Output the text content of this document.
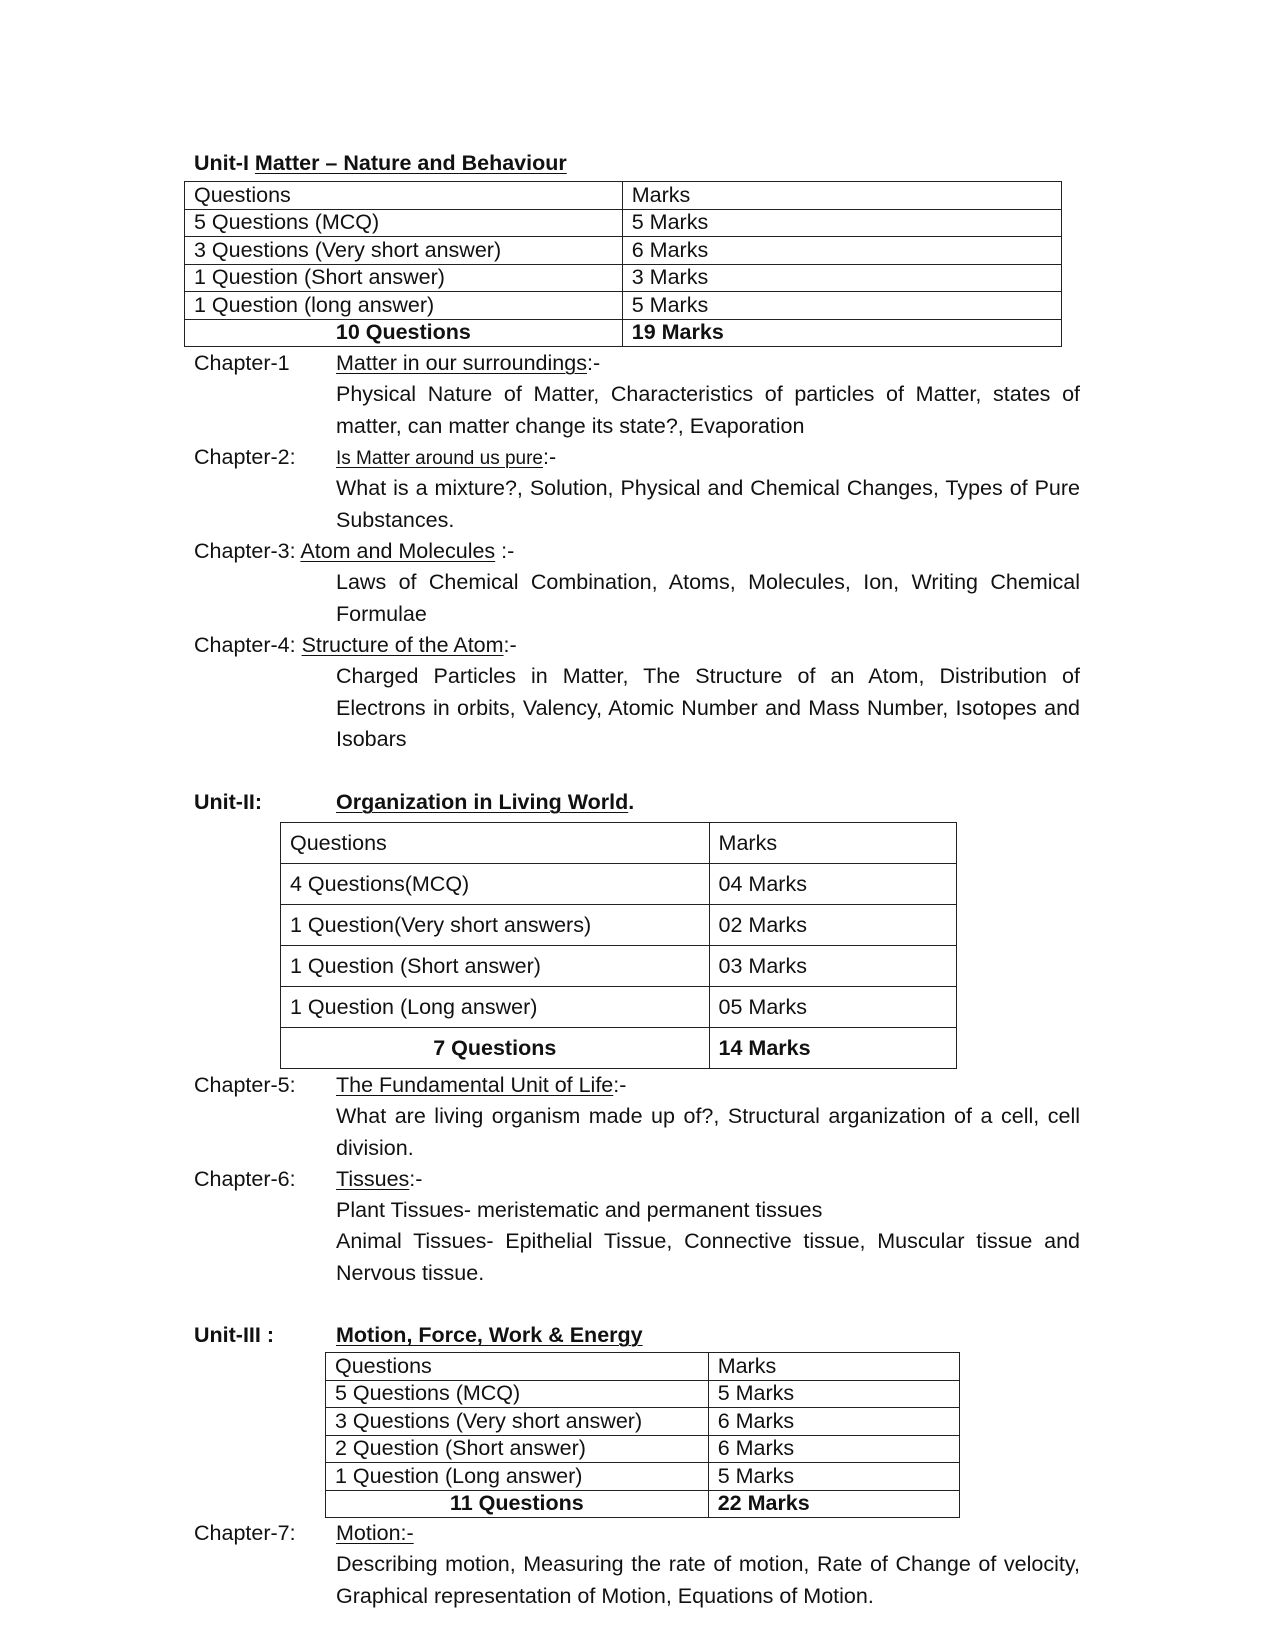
Unit-I Matter – Nature and Behaviour
Questions	Marks
5 Questions (MCQ)	5 Marks
3 Questions (Very short answer)	6 Marks
1 Question (Short answer)	3 Marks
1 Question (long answer)	5 Marks
10 Questions	19 Marks
Chapter-1 Matter in our surroundings:-
Physical Nature of Matter, Characteristics of particles of Matter, states of matter, can matter change its state?, Evaporation
Chapter-2: Is Matter around us pure:-
What is a mixture?, Solution, Physical and Chemical Changes, Types of Pure Substances.
Chapter-3: Atom and Molecules :-
Laws of Chemical Combination, Atoms, Molecules, Ion, Writing Chemical Formulae
Chapter-4: Structure of the Atom:-
Charged Particles in Matter, The Structure of an Atom, Distribution of Electrons in orbits, Valency, Atomic Number and Mass Number, Isotopes and Isobars
Unit-II:	Organization in Living World.
Questions	Marks
4 Questions(MCQ)	04 Marks
1 Question(Very short answers)	02 Marks
1 Question (Short answer)	03 Marks
1 Question (Long answer)	05 Marks
7 Questions	14 Marks
Chapter-5: The Fundamental Unit of Life:-
What are living organism made up of?, Structural arganization of a cell, cell division.
Chapter-6: Tissues:-
Plant Tissues- meristematic and permanent tissues
Animal Tissues- Epithelial Tissue, Connective tissue, Muscular tissue and Nervous tissue.
Unit-III :	Motion, Force, Work & Energy
Questions	Marks
5 Questions (MCQ)	5 Marks
3 Questions (Very short answer)	6 Marks
2 Question (Short answer)	6 Marks
1 Question (Long answer)	5 Marks
11 Questions	22 Marks
Chapter-7: Motion:-
Describing motion, Measuring the rate of motion, Rate of Change of velocity, Graphical representation of Motion, Equations of Motion.
